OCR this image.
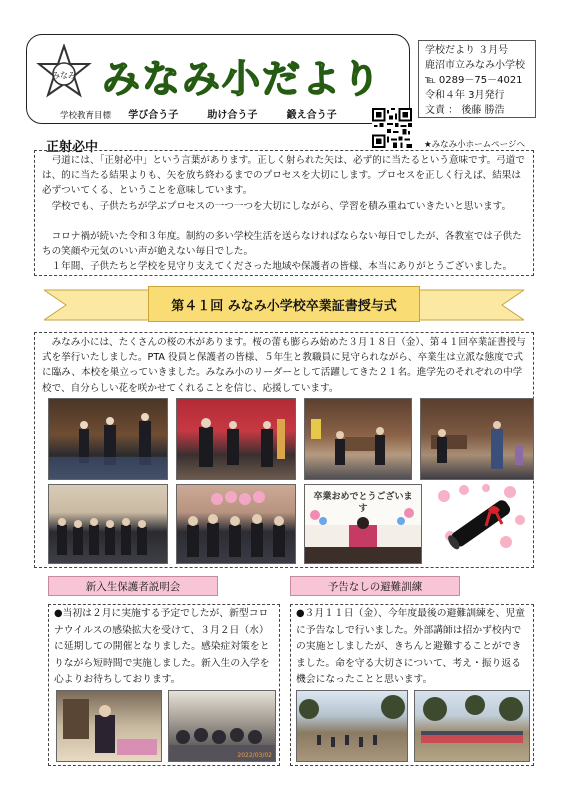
みなみ みなみ小だより
学校教育目標 学び合う子	助け合う子	鍛え合う子
学校だより ３月号
鹿沼市立みなみ小学校
℡ 0289－75－4021
令和４年 3月発行
文責 ： 後藤 勝浩
★みなみ小ホームページへ
正射必中

弓道には、「正射必中」という言葉があります。正しく射られた矢は、必ず的に当たるという意味です。弓道では、的に当たる結果よりも、矢を放ち終わるまでのプロセスを大切にします。プロセスを正しく行えば、結果は必ずついてくる、ということを意味しています。

学校でも、子供たちが学ぶプロセスの一つ一つを大切にしながら、学習を積み重ねていきたいと思います。

コロナ禍が続いた令和３年度。制約の多い学校生活を送らなければならない毎日でしたが、各教室では子供たちの笑顔や元気のいい声が絶えない毎日でした。

１年間、子供たちと学校を見守り支えてくださった地域や保護者の皆様、本当にありがとうございました。

第４１回 みなみ小学校卒業証書授与式

みなみ小には、たくさんの桜の木があります。桜の蕾も膨らみ始めた３月１８日（金）、第４１回卒業証書授与式を挙行いたしました。PTA 役員と保護者の皆様、５年生と教職員に見守られながら、卒業生は立派な態度で式に臨み、本校を巣立っていきました。みなみ小のリーダーとして活躍してきた２１名。進学先のそれぞれの中学校で、自分らしい花を咲かせてくれることを信じ、応援しています。

卒業おめでとうございます
新入生保護者説明会	予告なしの避難訓練

●当初は２月に実施する予定でしたが、新型コロナウイルスの感染拡大を受けて、３月２日（水）に延期しての開催となりました。感染症対策をとりながら短時間で実施しました。新入生の入学を心よりお待ちしております。

●３月１１日（金）、今年度最後の避難訓練を、児童に予告なしで行いました。外部講師は招かず校内での実施としましたが、きちんと避難することができました。命を守る大切さについて、考え・振り返る機会になったことと思います。

2022/03/02
